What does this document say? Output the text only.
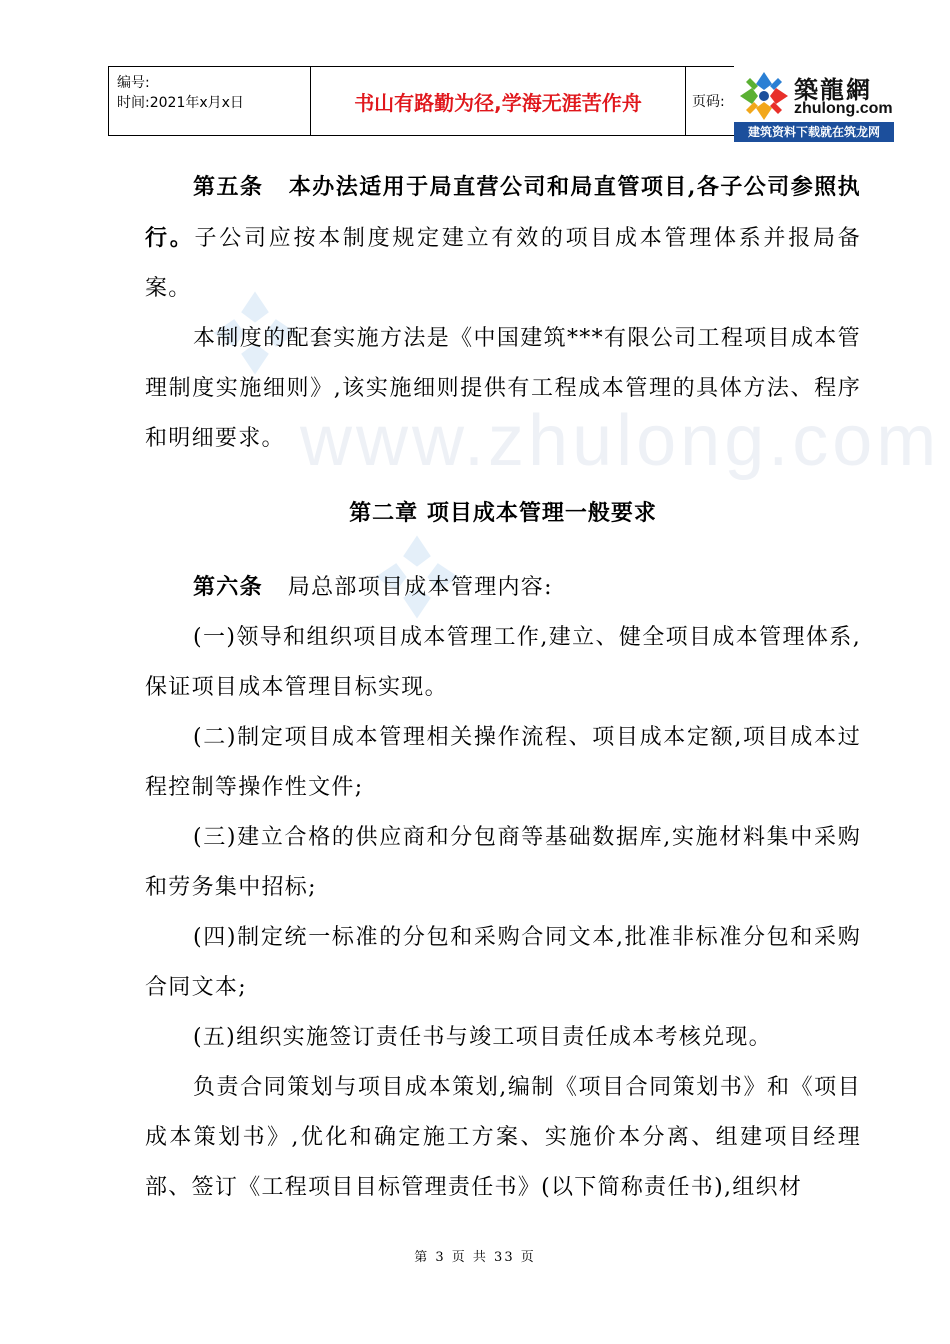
编号:
时间:2021年x月x日	书山有路勤为径,学海无涯苦作舟	页码:	築龍網
zhulong.com
建筑资料下载就在筑龙网
www.zhulong.com

第五条 本办法适用于局直营公司和局直管项目,各子公司参照执行。子公司应按本制度规定建立有效的项目成本管理体系并报局备案。

本制度的配套实施方法是《中国建筑***有限公司工程项目成本管理制度实施细则》,该实施细则提供有工程成本管理的具体方法、程序和明细要求。

第二章 项目成本管理一般要求

第六条 局总部项目成本管理内容:

(一)领导和组织项目成本管理工作,建立、健全项目成本管理体系,保证项目成本管理目标实现。

(二)制定项目成本管理相关操作流程、项目成本定额,项目成本过程控制等操作性文件;

(三)建立合格的供应商和分包商等基础数据库,实施材料集中采购和劳务集中招标;

(四)制定统一标准的分包和采购合同文本,批准非标准分包和采购合同文本;

(五)组织实施签订责任书与竣工项目责任成本考核兑现。

负责合同策划与项目成本策划,编制《项目合同策划书》和《项目成本策划书》,优化和确定施工方案、实施价本分离、组建项目经理部、签订《工程项目目标管理责任书》(以下简称责任书),组织材

第 3 页 共 33 页
